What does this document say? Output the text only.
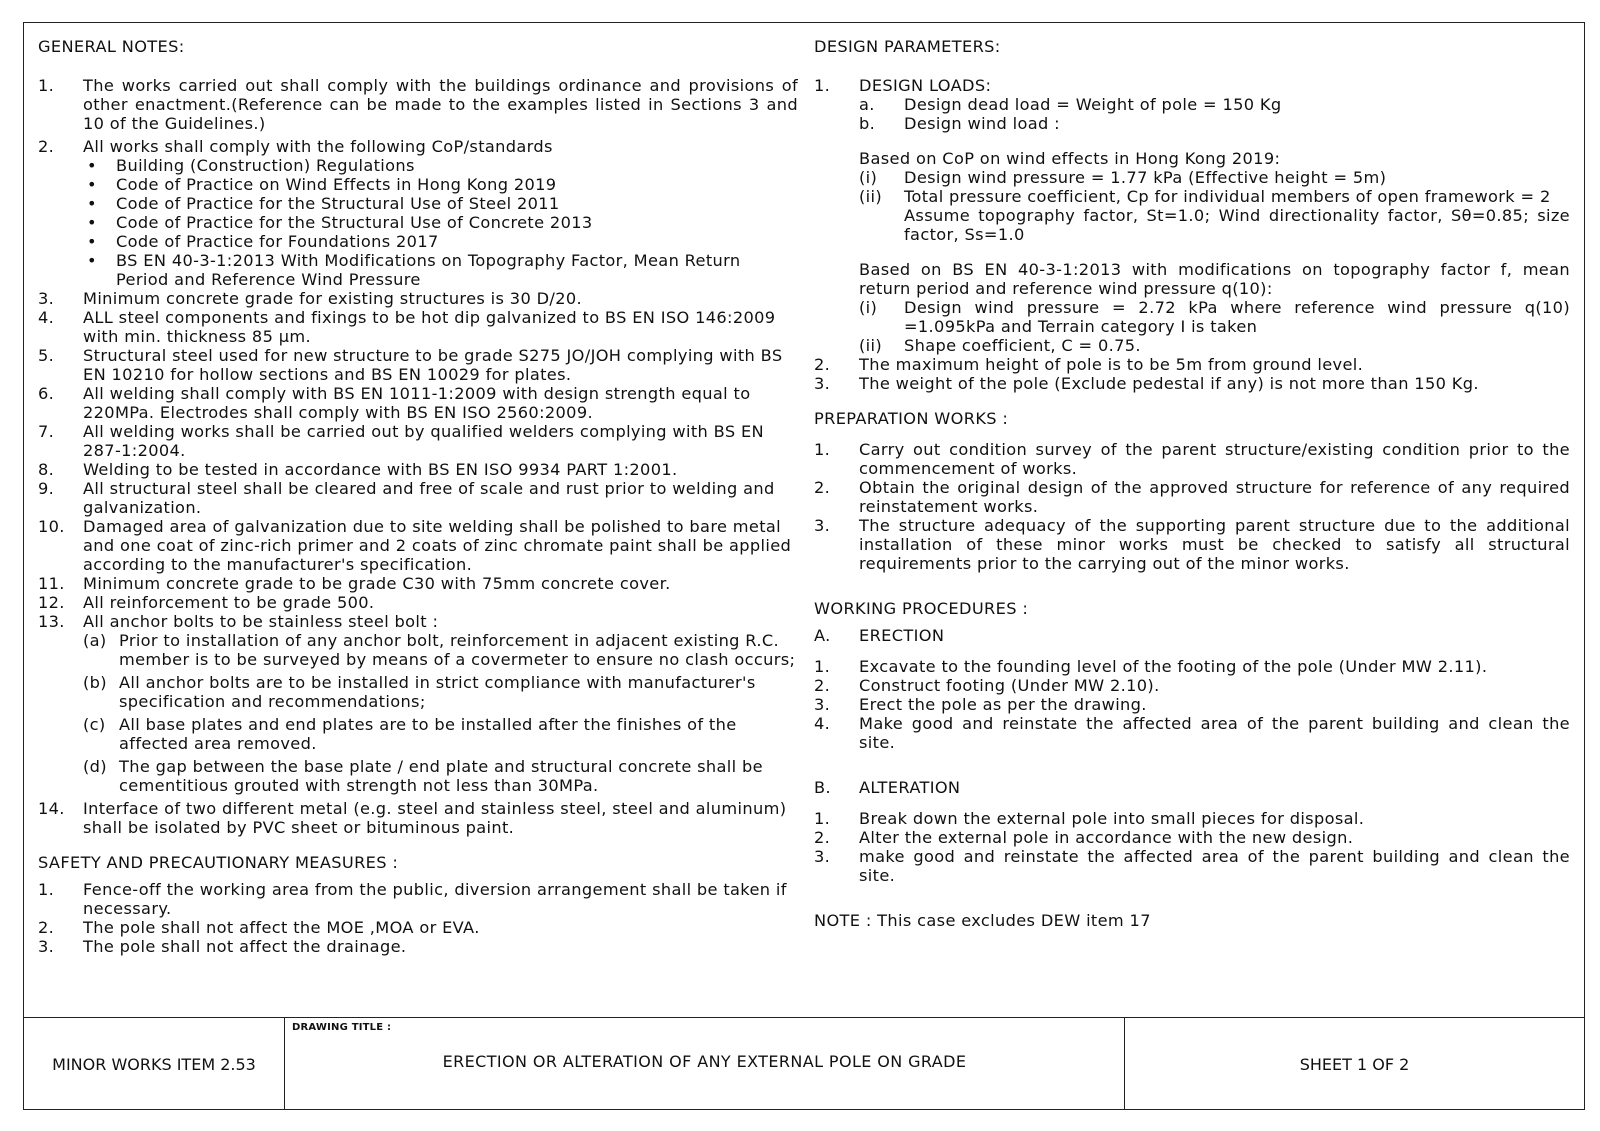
GENERAL NOTES:
1. The works carried out shall comply with the buildings ordinance and provisions of other enactment.(Reference can be made to the examples listed in Sections 3 and 10 of the Guidelines.)
2. All works shall comply with the following CoP/standards
• Building (Construction) Regulations
• Code of Practice on Wind Effects in Hong Kong 2019
• Code of Practice for the Structural Use of Steel 2011
• Code of Practice for the Structural Use of Concrete 2013
• Code of Practice for Foundations 2017
• BS EN 40-3-1:2013 With Modifications on Topography Factor, Mean Return Period and Reference Wind Pressure
3. Minimum concrete grade for existing structures is 30 D/20.
4. ALL steel components and fixings to be hot dip galvanized to BS EN ISO 146:2009 with min. thickness 85 μm.
5. Structural steel used for new structure to be grade S275 JO/JOH complying with BS EN 10210 for hollow sections and BS EN 10029 for plates.
6. All welding shall comply with BS EN 1011-1:2009 with design strength equal to 220MPa. Electrodes shall comply with BS EN ISO 2560:2009.
7. All welding works shall be carried out by qualified welders complying with BS EN 287-1:2004.
8. Welding to be tested in accordance with BS EN ISO 9934 PART 1:2001.
9. All structural steel shall be cleared and free of scale and rust prior to welding and galvanization.
10. Damaged area of galvanization due to site welding shall be polished to bare metal and one coat of zinc-rich primer and 2 coats of zinc chromate paint shall be applied according to the manufacturer's specification.
11. Minimum concrete grade to be grade C30 with 75mm concrete cover.
12. All reinforcement to be grade 500.
13. All anchor bolts to be stainless steel bolt :
(a) Prior to installation of any anchor bolt, reinforcement in adjacent existing R.C. member is to be surveyed by means of a covermeter to ensure no clash occurs;
(b) All anchor bolts are to be installed in strict compliance with manufacturer's specification and recommendations;
(c) All base plates and end plates are to be installed after the finishes of the affected area removed.
(d) The gap between the base plate / end plate and structural concrete shall be cementitious grouted with strength not less than 30MPa.
14. Interface of two different metal (e.g. steel and stainless steel, steel and aluminum) shall be isolated by PVC sheet or bituminous paint.
SAFETY AND PRECAUTIONARY MEASURES :
1. Fence-off the working area from the public, diversion arrangement shall be taken if necessary.
2. The pole shall not affect the MOE ,MOA or EVA.
3. The pole shall not affect the drainage.
DESIGN PARAMETERS:
1. DESIGN LOADS:
a. Design dead load = Weight of pole = 150 Kg
b. Design wind load :
Based on CoP on wind effects in Hong Kong 2019:
(i) Design wind pressure = 1.77 kPa (Effective height = 5m)
(ii) Total pressure coefficient, Cp for individual members of open framework = 2
Assume topography factor, St=1.0; Wind directionality factor, Sθ=0.85; size factor, Ss=1.0
Based on BS EN 40-3-1:2013 with modifications on topography factor f, mean return period and reference wind pressure q(10):
(i) Design wind pressure = 2.72 kPa where reference wind pressure q(10) =1.095kPa and Terrain category I is taken
(ii) Shape coefficient, C = 0.75.
2. The maximum height of pole is to be 5m from ground level.
3. The weight of the pole (Exclude pedestal if any) is not more than 150 Kg.
PREPARATION WORKS :
1. Carry out condition survey of the parent structure/existing condition prior to the commencement of works.
2. Obtain the original design of the approved structure for reference of any required reinstatement works.
3. The structure adequacy of the supporting parent structure due to the additional installation of these minor works must be checked to satisfy all structural requirements prior to the carrying out of the minor works.
WORKING PROCEDURES :
A. ERECTION
1. Excavate to the founding level of the footing of the pole (Under MW 2.11).
2. Construct footing (Under MW 2.10).
3. Erect the pole as per the drawing.
4. Make good and reinstate the affected area of the parent building and clean the site.
B. ALTERATION
1. Break down the external pole into small pieces for disposal.
2. Alter the external pole in accordance with the new design.
3. make good and reinstate the affected area of the parent building and clean the site.
NOTE : This case excludes DEW item 17
MINOR WORKS ITEM 2.53
DRAWING TITLE :
ERECTION OR ALTERATION OF ANY EXTERNAL POLE ON GRADE	SHEET 1 OF 2
